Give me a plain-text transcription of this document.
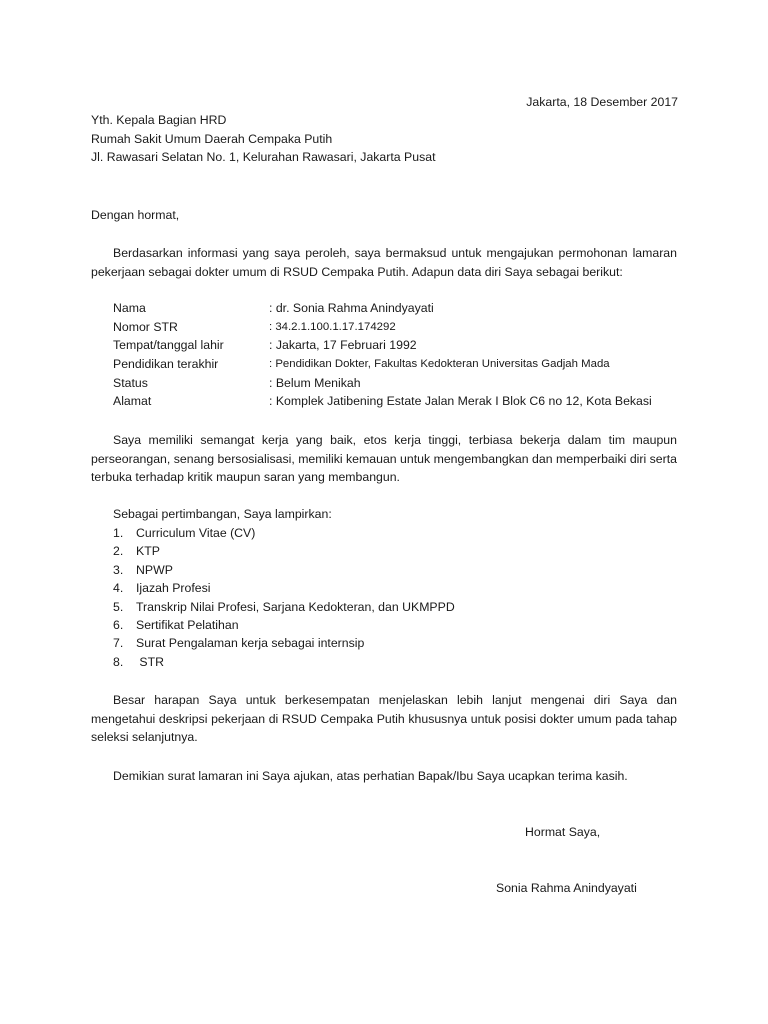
Jakarta, 18 Desember 2017
Yth. Kepala Bagian HRD
Rumah Sakit Umum Daerah Cempaka Putih
Jl. Rawasari Selatan No. 1, Kelurahan Rawasari, Jakarta Pusat
Dengan hormat,
Berdasarkan informasi yang saya peroleh, saya bermaksud untuk mengajukan permohonan lamaran pekerjaan sebagai dokter umum di RSUD Cempaka Putih. Adapun data diri Saya sebagai berikut:
Nama	: dr. Sonia Rahma Anindyayati
Nomor STR	: 34.2.1.100.1.17.174292
Tempat/tanggal lahir	: Jakarta, 17 Februari 1992
Pendidikan terakhir	: Pendidikan Dokter, Fakultas Kedokteran Universitas Gadjah Mada
Status	: Belum Menikah
Alamat	: Komplek Jatibening Estate Jalan Merak I Blok C6 no 12, Kota Bekasi
Saya memiliki semangat kerja yang baik, etos kerja tinggi, terbiasa bekerja dalam tim maupun perseorangan, senang bersosialisasi, memiliki kemauan untuk mengembangkan dan memperbaiki diri serta terbuka terhadap kritik maupun saran yang membangun.
Sebagai pertimbangan, Saya lampirkan:
1.	Curriculum Vitae (CV)
2.	KTP
3.	NPWP
4.	Ijazah Profesi
5.	Transkrip Nilai Profesi, Sarjana Kedokteran, dan UKMPPD
6.	Sertifikat Pelatihan
7.	Surat Pengalaman kerja sebagai internsip
8.	STR
Besar harapan Saya untuk berkesempatan menjelaskan lebih lanjut mengenai diri Saya dan mengetahui deskripsi pekerjaan di RSUD Cempaka Putih khususnya untuk posisi dokter umum pada tahap seleksi selanjutnya.
Demikian surat lamaran ini Saya ajukan, atas perhatian Bapak/Ibu Saya ucapkan terima kasih.
Hormat Saya,
Sonia Rahma Anindyayati
